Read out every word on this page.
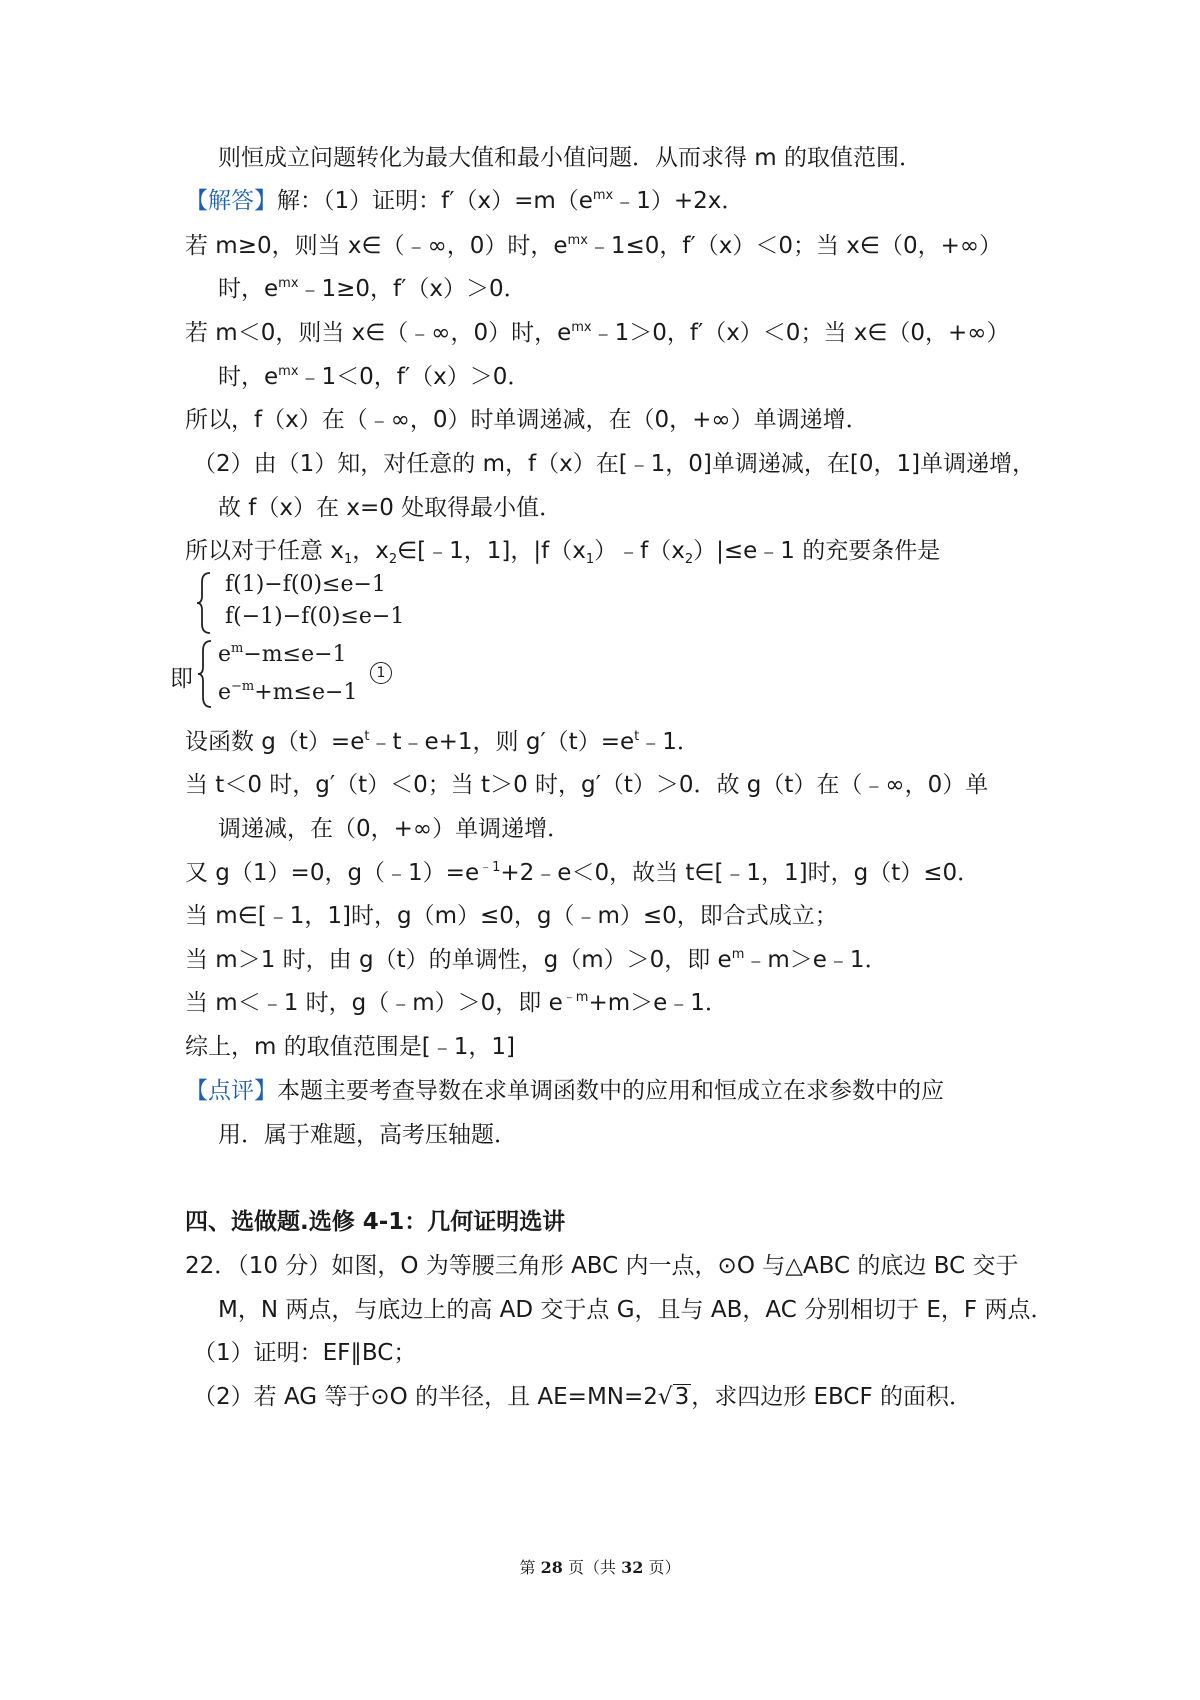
则恒成立问题转化为最大值和最小值问题．从而求得 m 的取值范围．
【解答】解：（1）证明：$f'(x)=m(e^{mx}﹣1)+2x$．
若 m≥0，则当 x∈（﹣∞，0）时，$e^{mx}﹣1\le 0$，f′（x）＜0；当 x∈（0，+∞）
时，$e^{mx}﹣1\ge 0$，f′（x）＞0．
若 m＜0，则当 x∈（﹣∞，0）时，$e^{mx}﹣1>0$，f′（x）＜0；当 x∈（0，+∞）
时，$e^{mx}﹣1<0$，f′（x）＞0．
所以，f（x）在（﹣∞，0）时单调递减，在（0，+∞）单调递增．
（2）由（1）知，对任意的 m，f（x）在[﹣1，0]单调递减，在[0，1]单调递增，
故 f（x）在 x=0 处取得最小值．
所以对于任意 $x_1$，$x_2\in[﹣1$，1]，$|f(x_1)﹣f(x_2)|\le e﹣1$ 的充要条件是
f(1)−f(0)≤e−1
f(−1)−f(0)≤e−1
即
$e^m-m\le e-1$
$e^{-m}+m\le e-1$
1
设函数 $g(t)=e^t﹣t﹣e+1$，则 $g'(t)=e^t﹣1$．
当 t＜0 时，g′（t）＜0；当 t＞0 时，g′（t）＞0．故 g（t）在（﹣∞，0）单
调递减，在（0，+∞）单调递增．
又 g（1）=0，$g(﹣1)=e^{﹣1}+2﹣e<0$，故当 t∈[﹣1，1]时，g（t）≤0．
当 m∈[﹣1，1]时，g（m）≤0，g（﹣m）≤0，即合式成立；
当 m＞1 时，由 g（t）的单调性，g（m）＞0，即 $e^m﹣m>e﹣1$．
当 m＜﹣1 时，g（﹣m）＞0，即 $e^{﹣m}+m>e﹣1$．
综上，m 的取值范围是[﹣1，1]
【点评】本题主要考查导数在求单调函数中的应用和恒成立在求参数中的应
用．属于难题，高考压轴题．
四、选做题.选修 4-1：几何证明选讲
22．（10 分）如图，O 为等腰三角形 ABC 内一点，⊙O 与△ABC 的底边 BC 交于
M，N 两点，与底边上的高 AD 交于点 G，且与 AB，AC 分别相切于 E，F 两点．
（1）证明：EF∥BC；
（2）若 AG 等于⊙O 的半径，且 AE=MN=2√3，求四边形 EBCF 的面积．
第 28 页（共 32 页）
